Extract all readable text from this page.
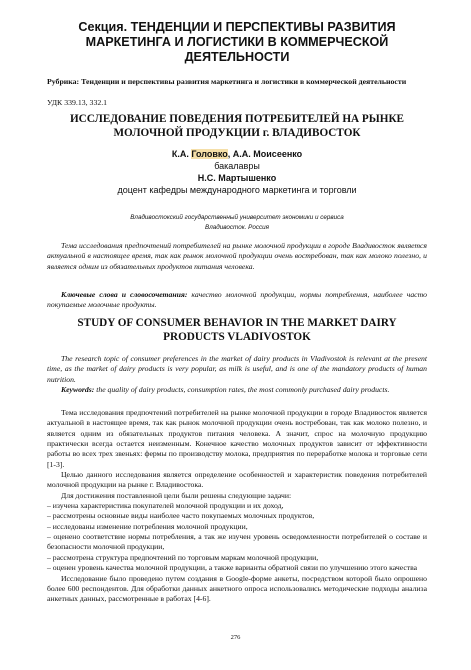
Секция. ТЕНДЕНЦИИ И ПЕРСПЕКТИВЫ РАЗВИТИЯ МАРКЕТИНГА И ЛОГИСТИКИ В КОММЕРЧЕСКОЙ ДЕЯТЕЛЬНОСТИ
Рубрика: Тенденции и перспективы развития маркетинга и логистики в коммерческой деятельности
УДК 339.13, 332.1
ИССЛЕДОВАНИЕ ПОВЕДЕНИЯ ПОТРЕБИТЕЛЕЙ НА РЫНКЕ МОЛОЧНОЙ ПРОДУКЦИИ г. ВЛАДИВОСТОК
К.А. Головко, А.А. Моисеенко
бакалавры
Н.С. Мартышенко
доцент кафедры международного маркетинга и торговли
Владивостокский государственный университет экономики и сервиса
Владивосток. Россия

Тема исследования предпочтений потребителей на рынке молочной продукции в городе Владивосток является актуальной в настоящее время, так как рынок молочной продукции очень востребован, так как молоко полезно, и является одним из обязательных продуктов питания человека.

Ключевые слова и словосочетания: качество молочной продукции, нормы потребления, наиболее часто покупаемые молочные продукты.

STUDY OF CONSUMER BEHAVIOR IN THE MARKET DAIRY PRODUCTS VLADIVOSTOK

The research topic of consumer preferences in the market of dairy products in Vladivostok is relevant at the present time, as the market of dairy products is very popular, as milk is useful, and is one of the mandatory products of human nutrition.

Keywords: the quality of dairy products, consumption rates, the most commonly purchased dairy products.

Тема исследования предпочтений потребителей на рынке молочной продукции в городе Владивосток является актуальной в настоящее время, так как рынок молочной продукции очень востребован, так как молоко полезно, и является одним из обязательных продуктов питания человека. А значит, спрос на молочную продукцию практически всегда остается неизменным. Конечное качество молочных продуктов зависит от эффективности работы во всех трех звеньях: фермы по производству молока, предприятия по переработке молока и торговые сети [1-3].

Целью данного исследования является определение особенностей и характеристик поведения потребителей молочной продукции на рынке г. Владивостока.

Для достижения поставленной цели были решены следующие задачи:

– изучена характеристика покупателей молочной продукции и их доход,

– рассмотрены основные виды наиболее часто покупаемых молочных продуктов,

– исследованы изменение потребления молочной продукции,

– оценено соответствие нормы потребления, а так же изучен уровень осведомленности потребителей о составе и безопасности молочной продукции,

– рассмотрена структура предпочтений по торговым маркам молочной продукции,

– оценен уровень качества молочной продукции, а также варианты обратной связи по улучшению этого качества

Исследование было проведено путем создания в Google-форме анкеты, посредством которой было опрошено более 600 респондентов. Для обработки данных анкетного опроса использовались методические подходы анализа анкетных данных, рассмотренные в работах [4-6].

276
